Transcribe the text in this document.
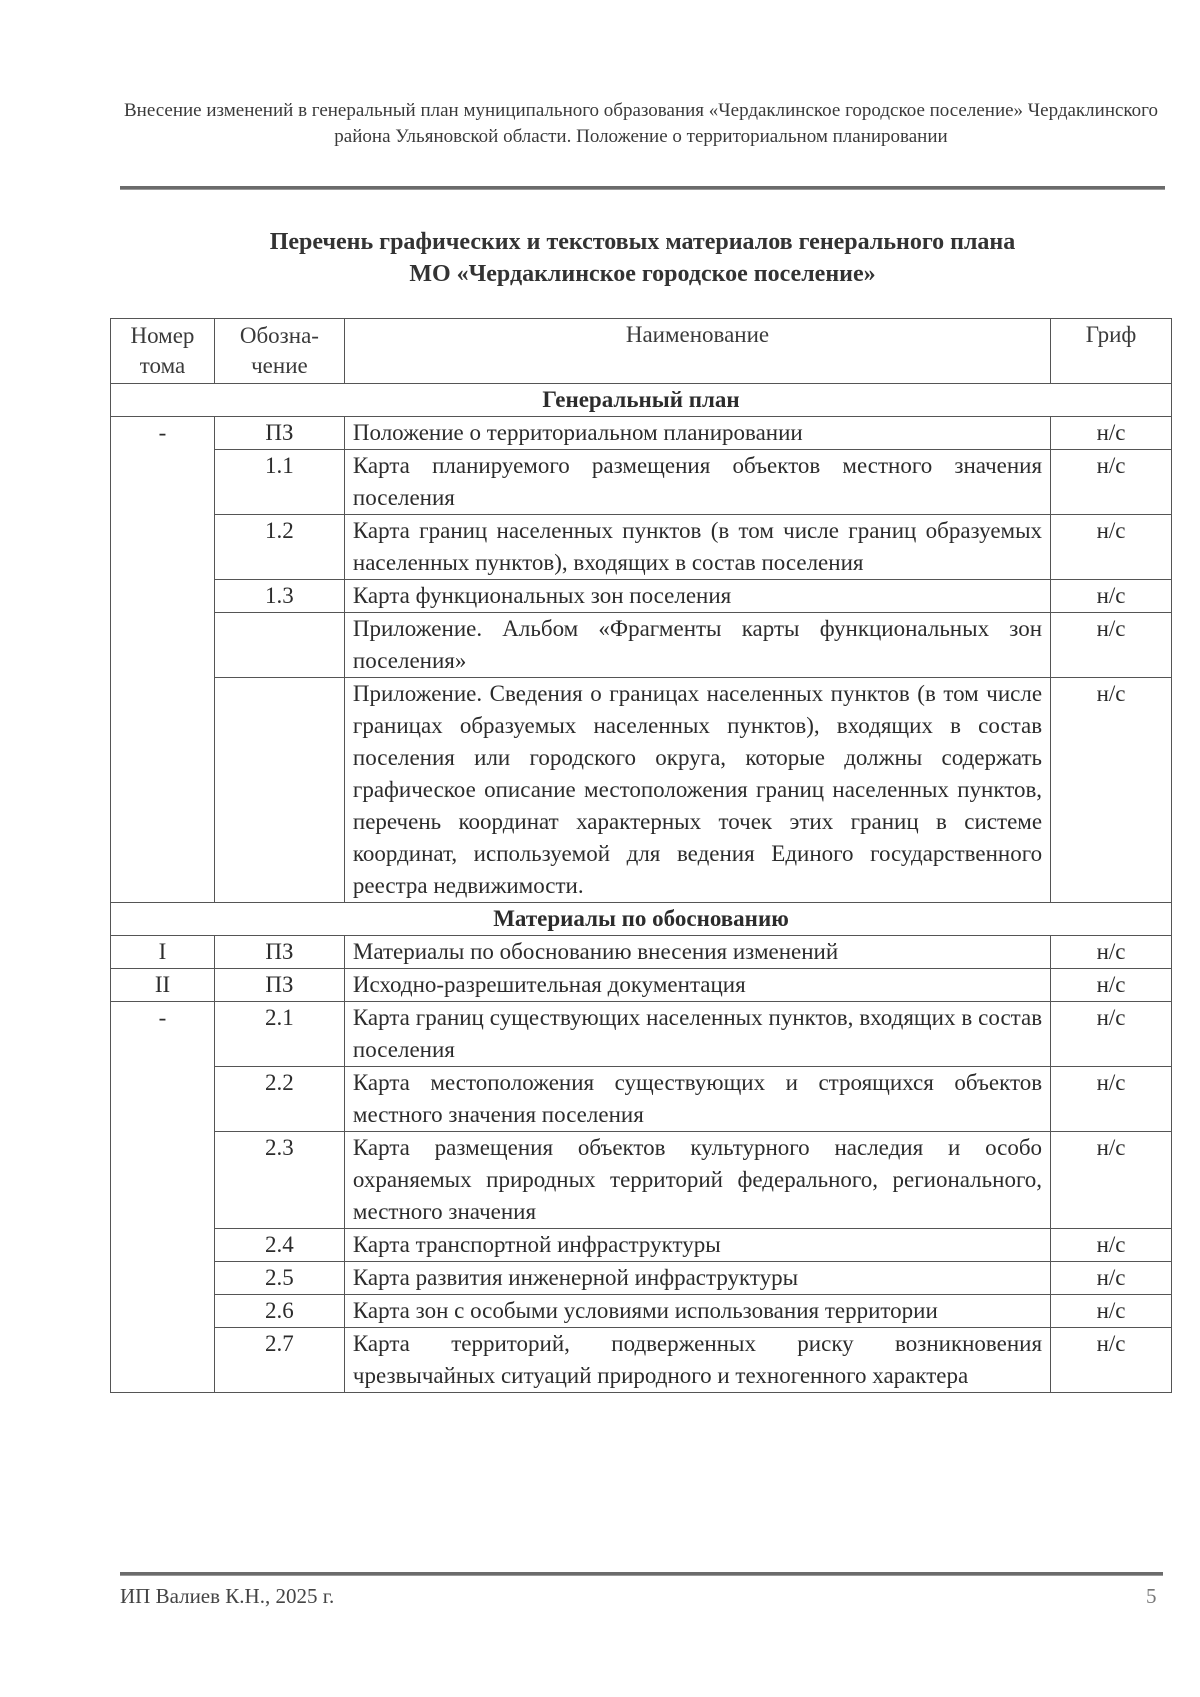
Внесение изменений в генеральный план муниципального образования «Чердаклинское городское поселение» Чердаклинского района Ульяновской области. Положение о территориальном планировании
Перечень графических и текстовых материалов генерального плана
МО «Чердаклинское городское поселение»
Номер тома	Обозна-чение	Наименование	Гриф
Генеральный план			
-	ПЗ	Положение о территориальном планировании	н/с
	1.1	Карта планируемого размещения объектов местного значения поселения	н/с
	1.2	Карта границ населенных пунктов (в том числе границ образуемых населенных пунктов), входящих в состав поселения	н/с
	1.3	Карта функциональных зон поселения	н/с
		Приложение. Альбом «Фрагменты карты функциональных зон поселения»	н/с
		Приложение. Сведения о границах населенных пунктов (в том числе границах образуемых населенных пунктов), входящих в состав поселения или городского округа, которые должны содержать графическое описание местоположения границ населенных пунктов, перечень координат характерных точек этих границ в системе координат, используемой для ведения Единого государственного реестра недвижимости.	н/с
Материалы по обоснованию			
I	ПЗ	Материалы по обоснованию внесения изменений	н/с
II	ПЗ	Исходно-разрешительная документация	н/с
-	2.1	Карта границ существующих населенных пунктов, входящих в состав поселения	н/с
	2.2	Карта местоположения существующих и строящихся объектов местного значения поселения	н/с
	2.3	Карта размещения объектов культурного наследия и особо охраняемых природных территорий федерального, регионального, местного значения	н/с
	2.4	Карта транспортной инфраструктуры	н/с
	2.5	Карта развития инженерной инфраструктуры	н/с
	2.6	Карта зон с особыми условиями использования территории	н/с
	2.7	Карта территорий, подверженных риску возникновения чрезвычайных ситуаций природного и техногенного характера	н/с
ИП Валиев К.Н., 2025 г.	5
